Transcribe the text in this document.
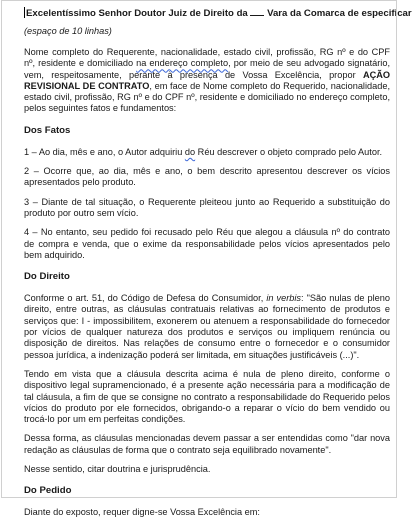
Excelentíssimo Senhor Doutor Juiz de Direito da  Vara da Comarca de especificar

(espaço de 10 linhas)

Nome completo do Requerente, nacionalidade, estado civil, profissão, RG nº e do CPF nº, residente e domiciliado na endereço completo, por meio de seu advogado signatário, vem, respeitosamente, perante à presença de Vossa Excelência, propor AÇÃO REVISIONAL DE CONTRATO, em face de Nome completo do Requerido, nacionalidade, estado civil, profissão, RG nº e do CPF nº, residente e domiciliado no endereço completo, pelos seguintes fatos e fundamentos:

Dos Fatos

1 – Ao dia, mês e ano, o Autor adquiriu do Réu descrever o objeto comprado pelo Autor.

2 – Ocorre que, ao dia, mês e ano, o bem descrito apresentou descrever os vícios apresentados pelo produto.

3 – Diante de tal situação, o Requerente pleiteou junto ao Requerido a substituição do produto por outro sem vício.

4 – No entanto, seu pedido foi recusado pelo Réu que alegou a cláusula nº do contrato de compra e venda, que o exime da responsabilidade pelos vícios apresentados pelo bem adquirido.

Do Direito

Conforme o art. 51, do Código de Defesa do Consumidor, in verbis: "São nulas de pleno direito, entre outras, as cláusulas contratuais relativas ao fornecimento de produtos e serviços que: I - impossibilitem, exonerem ou atenuem a responsabilidade do fornecedor por vícios de qualquer natureza dos produtos e serviços ou impliquem renúncia ou disposição de direitos. Nas relações de consumo entre o fornecedor e o consumidor pessoa jurídica, a indenização poderá ser limitada, em situações justificáveis (...)".

Tendo em vista que a cláusula descrita acima é nula de pleno direito, conforme o dispositivo legal supramencionado, é a presente ação necessária para a modificação de tal cláusula, a fim de que se consigne no contrato a responsabilidade do Requerido pelos vícios do produto por ele fornecidos, obrigando-o a reparar o vício do bem vendido ou trocá-lo por um em perfeitas condições.

Dessa forma, as cláusulas mencionadas devem passar a ser entendidas como "dar nova redação as cláusulas de forma que o contrato seja equilibrado novamente".

Nesse sentido, citar doutrina e jurisprudência.

Do Pedido

Diante do exposto, requer digne-se Vossa Excelência em:
